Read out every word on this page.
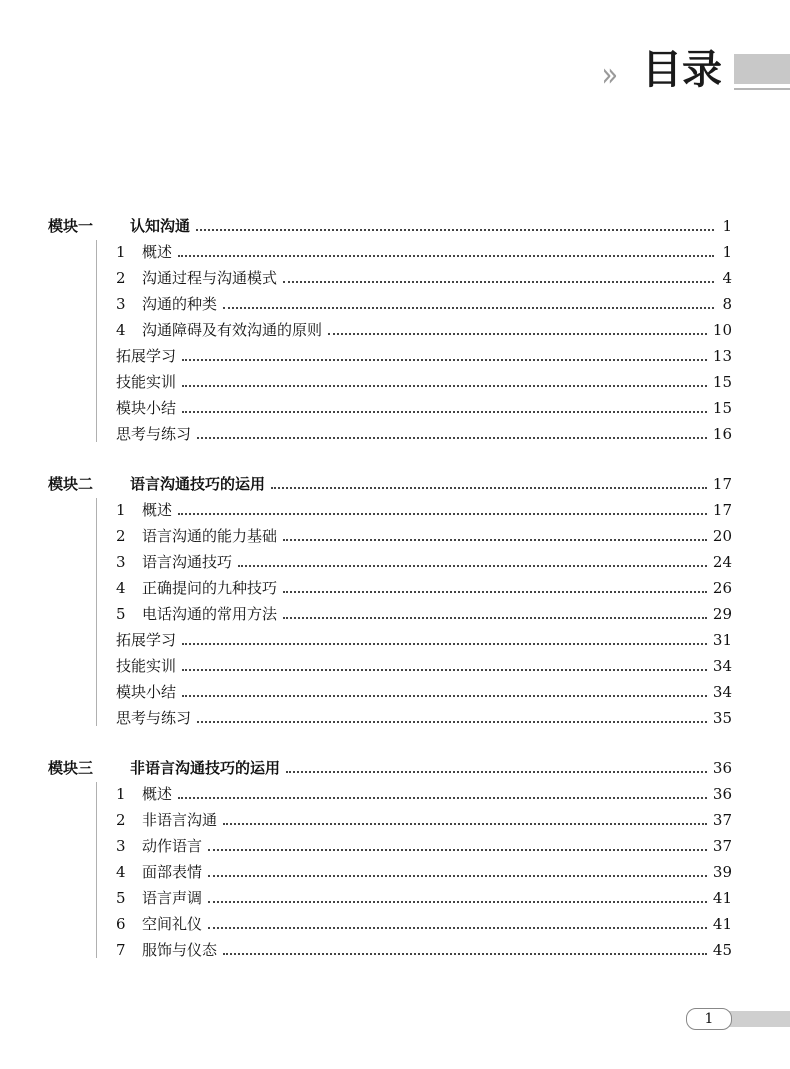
» 目录
模块一	认知沟通	1
1	概述	1
2	沟通过程与沟通模式	4
3	沟通的种类	8
4	沟通障碍及有效沟通的原则	10
拓展学习	13
技能实训	15
模块小结	15
思考与练习	16
模块二	语言沟通技巧的运用	17
1	概述	17
2	语言沟通的能力基础	20
3	语言沟通技巧	24
4	正确提问的九种技巧	26
5	电话沟通的常用方法	29
拓展学习	31
技能实训	34
模块小结	34
思考与练习	35
模块三	非语言沟通技巧的运用	36
1	概述	36
2	非语言沟通	37
3	动作语言	37
4	面部表情	39
5	语言声调	41
6	空间礼仪	41
7	服饰与仪态	45
1
